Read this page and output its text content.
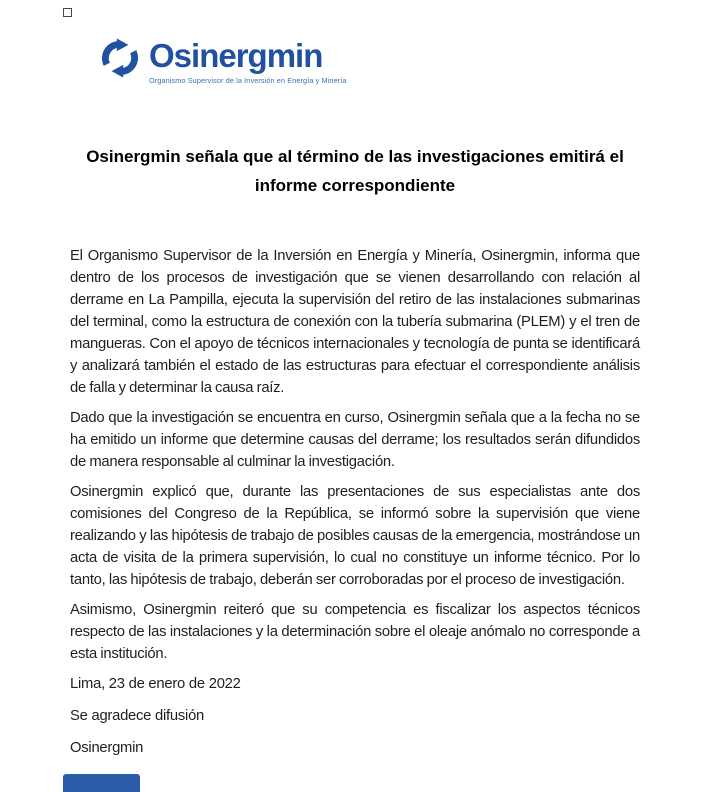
Osinergmin
Organismo Supervisor de la Inversión en Energía y Minería
Osinergmin señala que al término de las investigaciones emitirá el
informe correspondiente

El Organismo Supervisor de la Inversión en Energía y Minería, Osinergmin, informa que dentro de los procesos de investigación que se vienen desarrollando con relación al derrame en La Pampilla, ejecuta la supervisión del retiro de las instalaciones submarinas del terminal, como la estructura de conexión con la tubería submarina (PLEM) y el tren de mangueras. Con el apoyo de técnicos internacionales y tecnología de punta se identificará y analizará también el estado de las estructuras para efectuar el correspondiente análisis de falla y determinar la causa raíz.

Dado que la investigación se encuentra en curso, Osinergmin señala que a la fecha no se ha emitido un informe que determine causas del derrame; los resultados serán difundidos de manera responsable al culminar la investigación.

Osinergmin explicó que, durante las presentaciones de sus especialistas ante dos comisiones del Congreso de la República, se informó sobre la supervisión que viene realizando y las hipótesis de trabajo de posibles causas de la emergencia, mostrándose un acta de visita de la primera supervisión, lo cual no constituye un informe técnico. Por lo tanto, las hipótesis de trabajo, deberán ser corroboradas por el proceso de investigación.

Asimismo, Osinergmin reiteró que su competencia es fiscalizar los aspectos técnicos respecto de las instalaciones y la determinación sobre el oleaje anómalo no corresponde a esta institución.

Lima, 23 de enero de 2022

Se agradece difusión

Osinergmin
